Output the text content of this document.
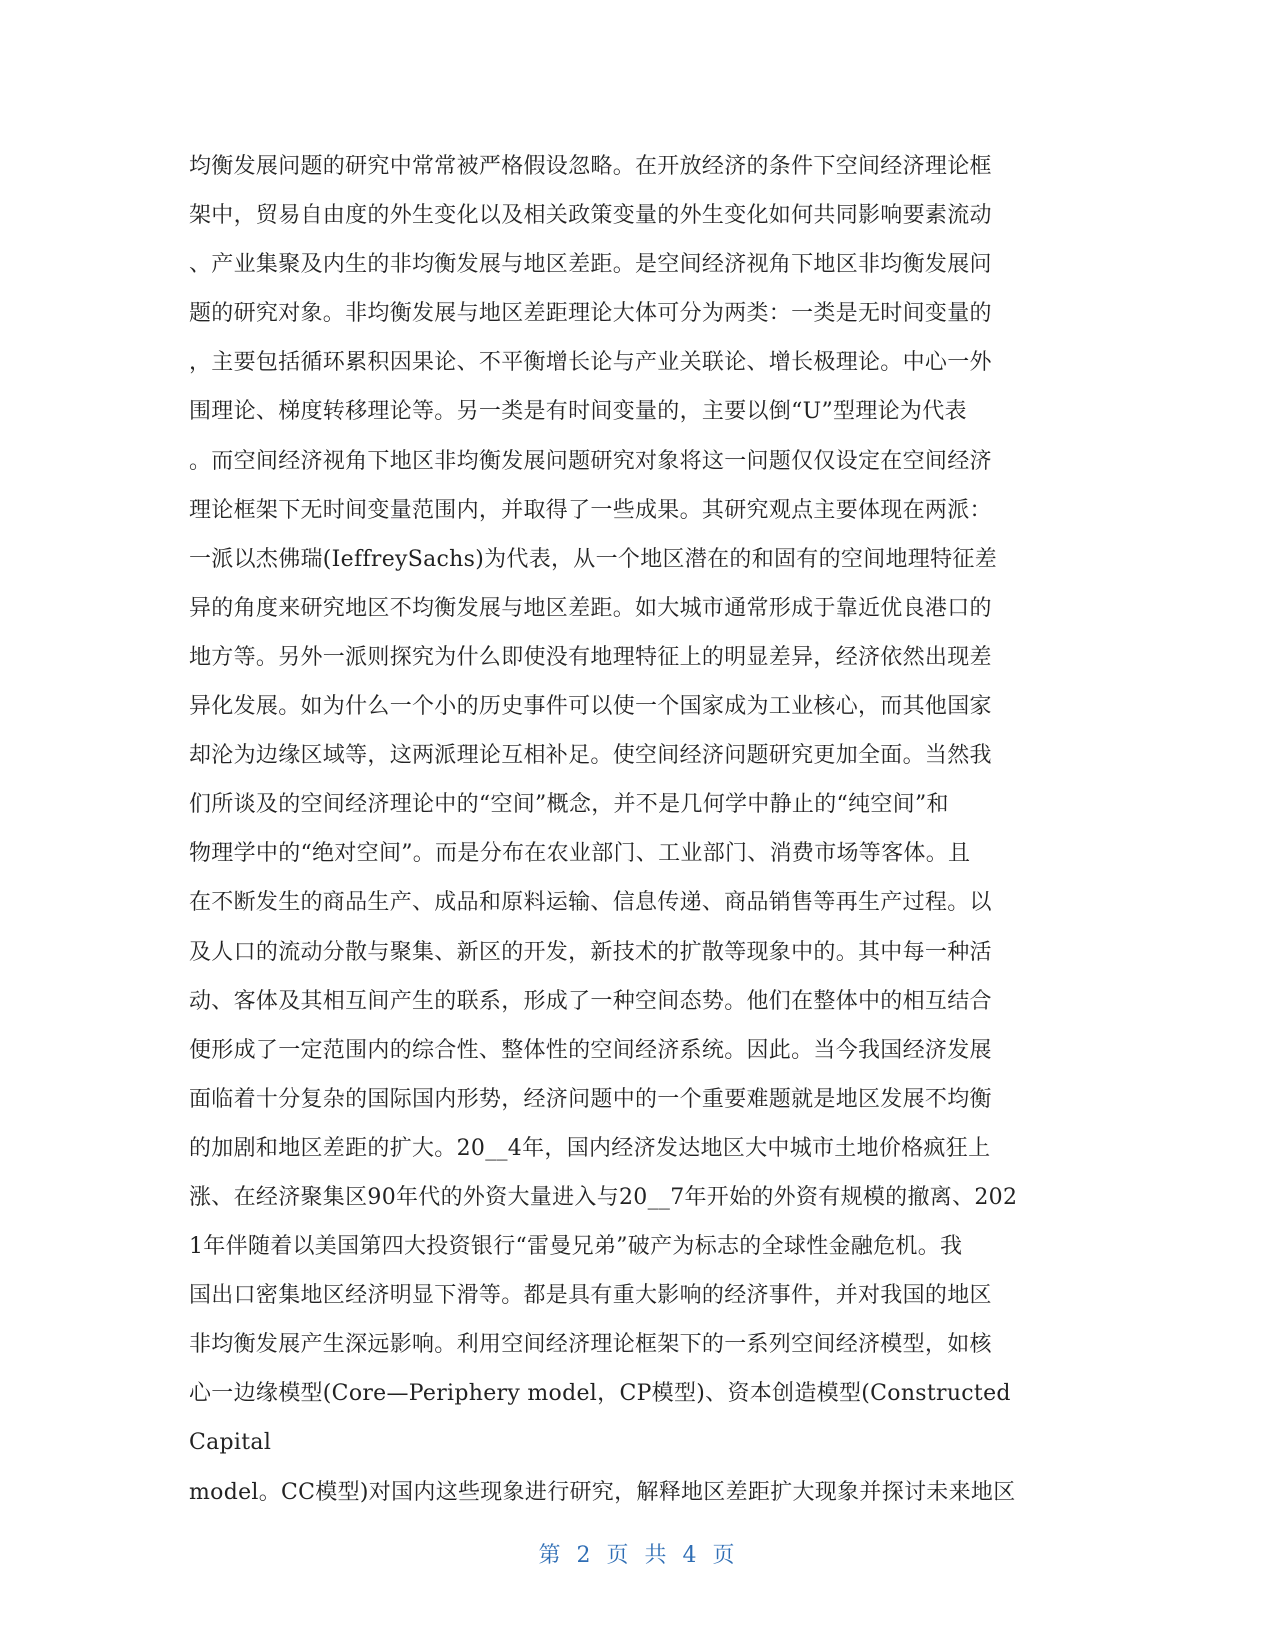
均衡发展问题的研究中常常被严格假设忽略。在开放经济的条件下空间经济理论框
架中，贸易自由度的外生变化以及相关政策变量的外生变化如何共同影响要素流动
、产业集聚及内生的非均衡发展与地区差距。是空间经济视角下地区非均衡发展问
题的研究对象。非均衡发展与地区差距理论大体可分为两类：一类是无时间变量的
，主要包括循环累积因果论、不平衡增长论与产业关联论、增长极理论。中心一外
围理论、梯度转移理论等。另一类是有时间变量的，主要以倒“U”型理论为代表
。而空间经济视角下地区非均衡发展问题研究对象将这一问题仅仅设定在空间经济
理论框架下无时间变量范围内，并取得了一些成果。其研究观点主要体现在两派：
一派以杰佛瑞(IeffreySachs)为代表，从一个地区潜在的和固有的空间地理特征差
异的角度来研究地区不均衡发展与地区差距。如大城市通常形成于靠近优良港口的
地方等。另外一派则探究为什么即使没有地理特征上的明显差异，经济依然出现差
异化发展。如为什么一个小的历史事件可以使一个国家成为工业核心，而其他国家
却沦为边缘区域等，这两派理论互相补足。使空间经济问题研究更加全面。当然我
们所谈及的空间经济理论中的“空间”概念，并不是几何学中静止的“纯空间”和
物理学中的“绝对空间”。而是分布在农业部门、工业部门、消费市场等客体。且
在不断发生的商品生产、成品和原料运输、信息传递、商品销售等再生产过程。以
及人口的流动分散与聚集、新区的开发，新技术的扩散等现象中的。其中每一种活
动、客体及其相互间产生的联系，形成了一种空间态势。他们在整体中的相互结合
便形成了一定范围内的综合性、整体性的空间经济系统。因此。当今我国经济发展
面临着十分复杂的国际国内形势，经济问题中的一个重要难题就是地区发展不均衡
的加剧和地区差距的扩大。20__4年，国内经济发达地区大中城市土地价格疯狂上
涨、在经济聚集区90年代的外资大量进入与20__7年开始的外资有规模的撤离、202
1年伴随着以美国第四大投资银行“雷曼兄弟”破产为标志的全球性金融危机。我
国出口密集地区经济明显下滑等。都是具有重大影响的经济事件，并对我国的地区
非均衡发展产生深远影响。利用空间经济理论框架下的一系列空间经济模型，如核
心一边缘模型(Core—Periphery model，CP模型)、资本创造模型(Constructed
Capital
model。CC模型)对国内这些现象进行研究，解释地区差距扩大现象并探讨未来地区
第 2 页 共 4 页
